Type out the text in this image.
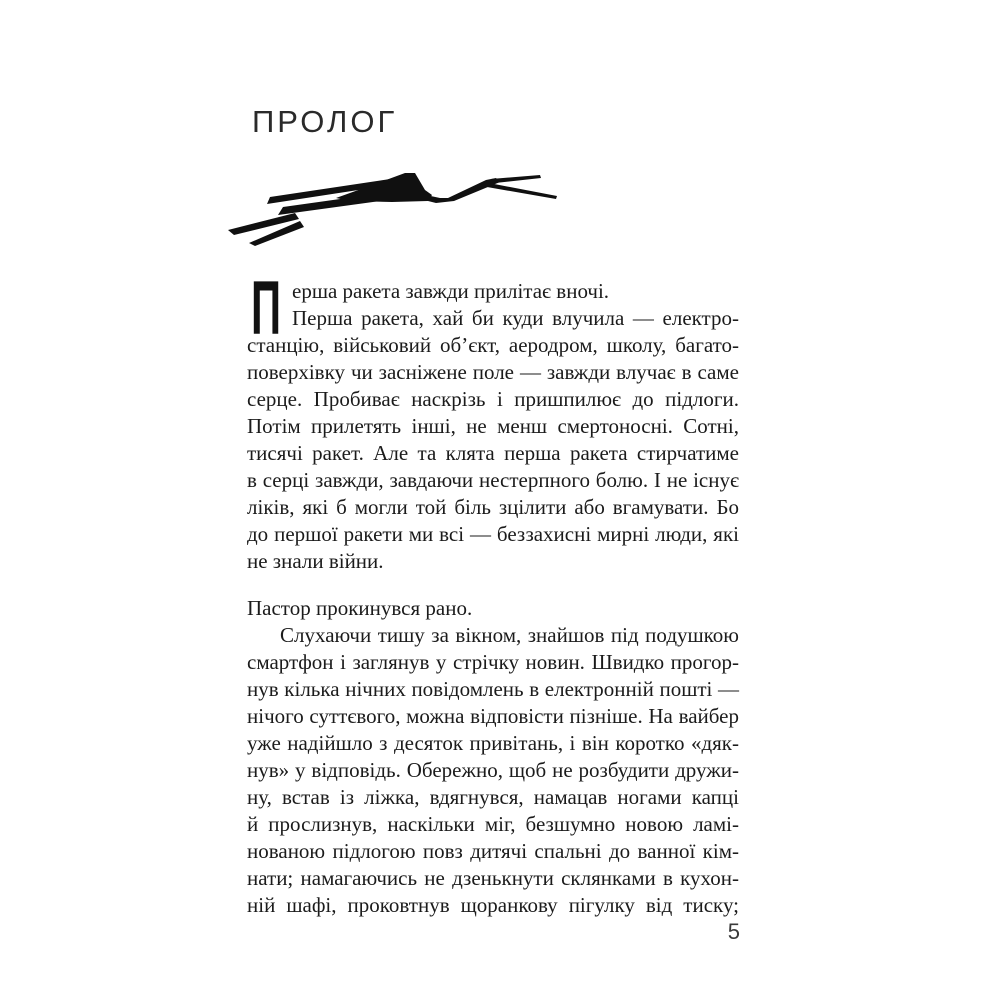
ПРОЛОГ
П ерша ракета завжди прилітає вночі.
Перша ракета, хай би куди влучила — електро-
станцію, військовий об’єкт, аеродром, школу, багато-
поверхівку чи засніжене поле — завжди влучає в саме
серце. Пробиває наскрізь і пришпилює до підлоги.
Потім прилетять інші, не менш смертоносні. Сотні,
тисячі ракет. Але та клята перша ракета стирчатиме
в серці завжди, завдаючи нестерпного болю. І не існує
ліків, які б могли той біль зцілити або вгамувати. Бо
до першої ракети ми всі — беззахисні мирні люди, які
не знали війни.
Пастор прокинувся рано.
Слухаючи тишу за вікном, знайшов під подушкою
смартфон і заглянув у стрічку новин. Швидко прогор-
нув кілька нічних повідомлень в електронній пошті —
нічого суттєвого, можна відповісти пізніше. На вайбер
уже надійшло з десяток привітань, і він коротко «дяк-
нув» у відповідь. Обережно, щоб не розбудити дружи-
ну, встав із ліжка, вдягнувся, намацав ногами капці
й прослизнув, наскільки міг, безшумно новою ламі-
нованою підлогою повз дитячі спальні до ванної кім-
нати; намагаючись не дзенькнути склянками в кухон-
ній шафі, проковтнув щоранкову пігулку від тиску;
5
